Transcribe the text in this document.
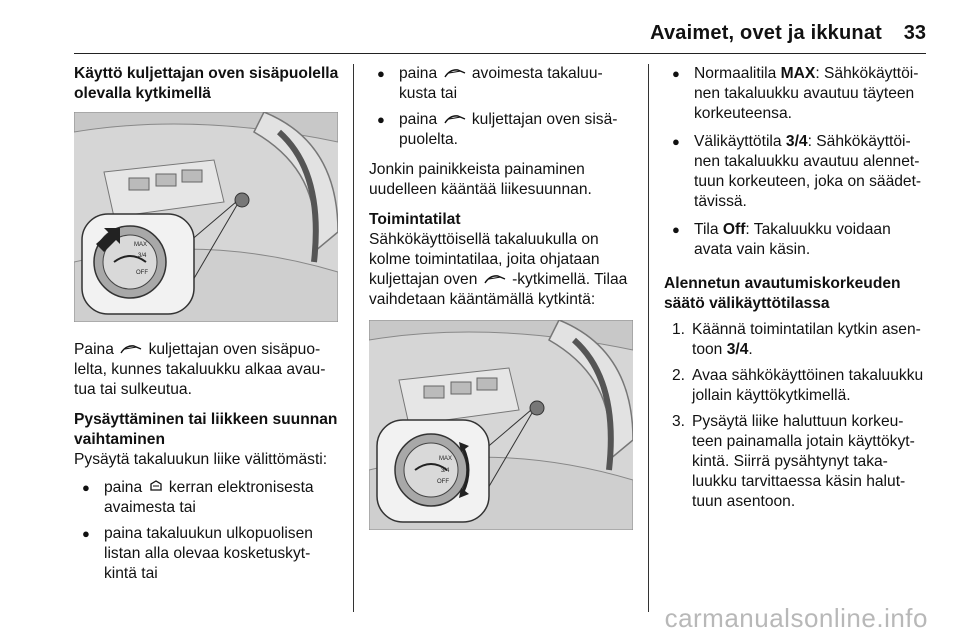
Avaimet, ovet ja ikkunat 33
Käyttö kuljettajan oven sisäpuolella olevalla kytkimellä
MAX
3/4
OFF

Paina kuljettajan oven sisäpuo- lelta, kunnes takaluukku alkaa avau- tua tai sulkeutua.

Pysäyttäminen tai liikkeen suunnan vaihtaminen
Pysäytä takaluukun liike välittömästi:
● paina kerran elektronisesta avaimesta tai
● paina takaluukun ulkopuolisen listan alla olevaa kosketuskyt- kintä tai
● paina avoimesta takaluu- kusta tai
● paina kuljettajan oven sisä- puolelta.

Jonkin painikkeista painaminen uudelleen kääntää liikesuunnan.

Toimintatilat
Sähkökäyttöisellä takaluukulla on kolme toimintatilaa, joita ohjataan kuljettajan oven -kytkimellä. Tilaa vaihdetaan kääntämällä kytkintä:
MAX
3/4
OFF
● Normaalitila MAX: Sähkökäyttöi- nen takaluukku avautuu täyteen korkeuteensa.
● Välikäyttötila 3/4: Sähkökäyttöi- nen takaluukku avautuu alennet- tuun korkeuteen, joka on säädet- tävissä.
● Tila Off: Takaluukku voidaan avata vain käsin.
Alennetun avautumiskorkeuden säätö välikäyttötilassa
1. Käännä toimintatilan kytkin asen- toon 3/4.
2. Avaa sähkökäyttöinen takaluukku jollain käyttökytkimellä.
3. Pysäytä liike haluttuun korkeu- teen painamalla jotain käyttökyt- kintä. Siirrä pysähtynyt taka- luukku tarvittaessa käsin halut- tuun asentoon.
carmanualsonline.info
